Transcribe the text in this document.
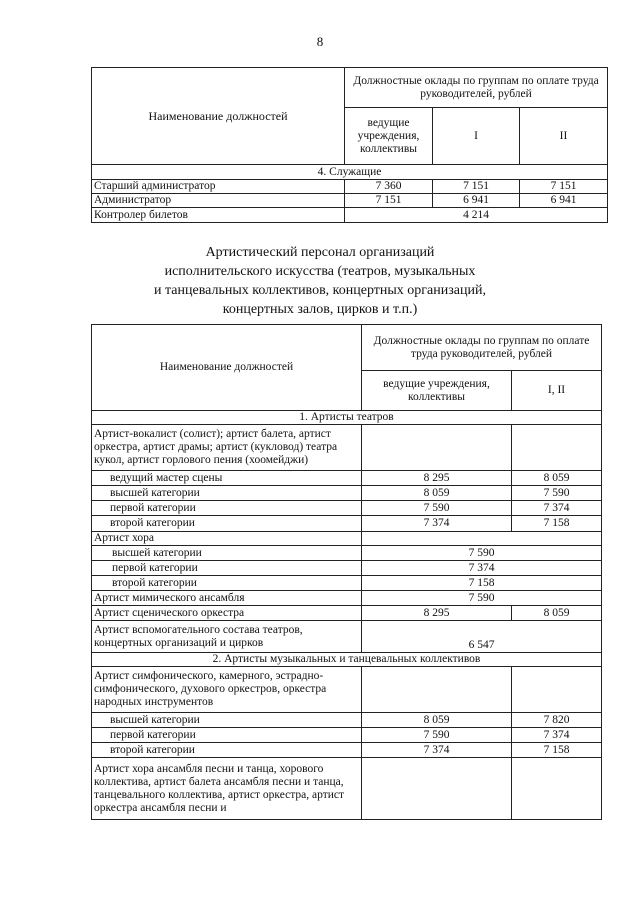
8
Наименование должностей	Должностные оклады по группам по оплате труда руководителей, рублей		
	ведущие учреждения, коллективы	I	II
4. Служащие			
Старший администратор	7 360	7 151	7 151
Администратор	7 151	6 941	6 941
Контролер билетов	4 214		
Артистический персонал организаций
исполнительского искусства (театров, музыкальных
и танцевальных коллективов, концертных организаций,
концертных залов, цирков и т.п.)
Наименование должностей	Должностные оклады по группам по оплате труда руководителей, рублей	
	ведущие учреждения, коллективы	I, II
1. Артисты театров		
Артист-вокалист (солист); артист балета, артист оркестра, артист драмы; артист (кукловод) театра кукол, артист горлового пения (хоомейджи)		
ведущий мастер сцены	8 295	8 059
высшей категории	8 059	7 590
первой категории	7 590	7 374
второй категории	7 374	7 158
Артист хора		
высшей категории	7 590	
первой категории	7 374	
второй категории	7 158	
Артист мимического ансамбля	7 590	
Артист сценического оркестра	8 295	8 059
Артист вспомогательного состава театров, концертных организаций и цирков	6 547	
2. Артисты музыкальных и танцевальных коллективов		
Артист симфонического, камерного, эстрадно-симфонического, духового оркестров, оркестра народных инструментов		
высшей категории	8 059	7 820
первой категории	7 590	7 374
второй категории	7 374	7 158
Артист хора ансамбля песни и танца, хорового коллектива, артист балета ансамбля песни и танца, танцевального коллектива, артист оркестра, артист оркестра ансамбля песни и		
